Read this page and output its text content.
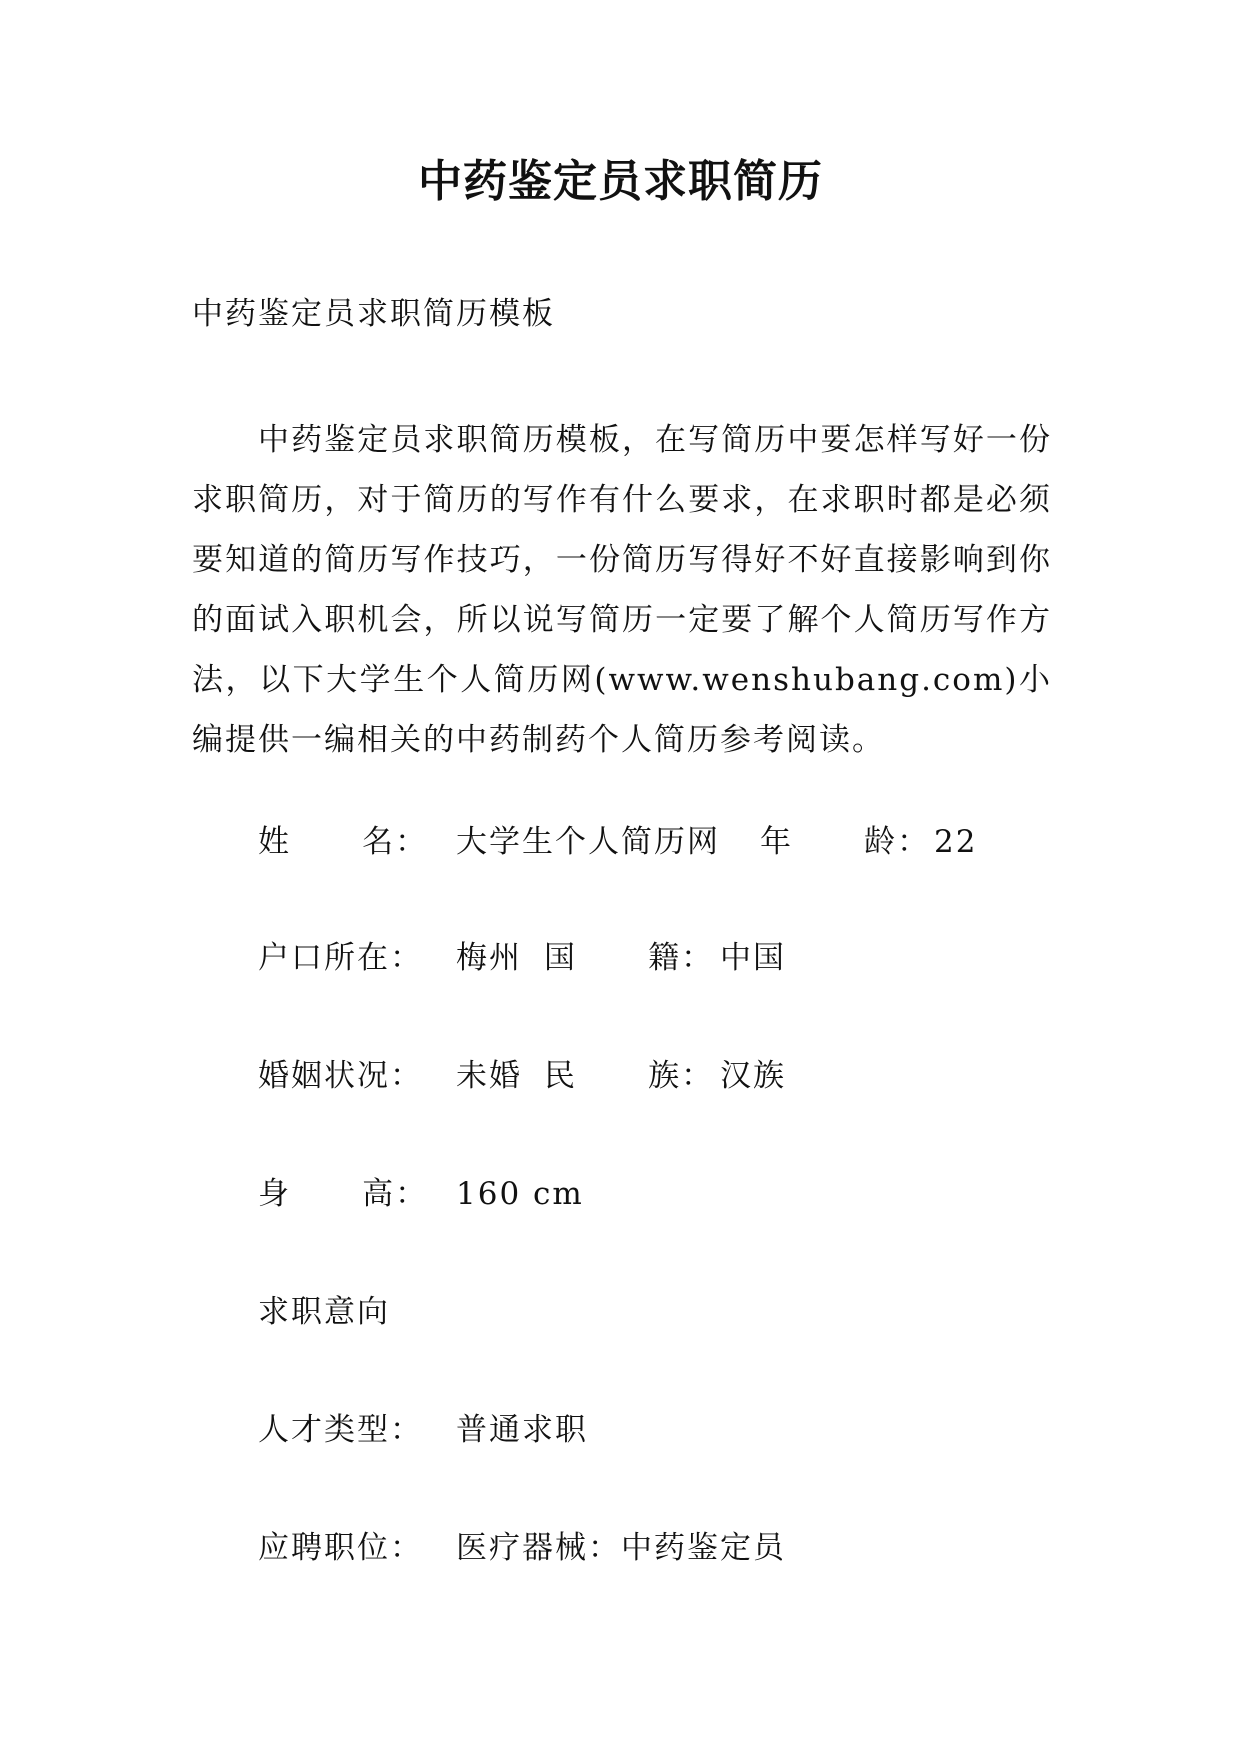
中药鉴定员求职简历

中药鉴定员求职简历模板

中药鉴定员求职简历模板，在写简历中要怎样写好一份求职简历，对于简历的写作有什么要求，在求职时都是必须要知道的简历写作技巧，一份简历写得好不好直接影响到你的面试入职机会，所以说写简历一定要了解个人简历写作方法，以下大学生个人简历网(www.wenshubang.com)小编提供一编相关的中药制药个人简历参考阅读。

姓      名： 大学生个人简历网 年      龄： 22
户口所在： 梅州 国      籍： 中国
婚姻状况： 未婚 民      族： 汉族
身      高： 160 cm
求职意向
人才类型： 普通求职
应聘职位： 医疗器械：中药鉴定员
